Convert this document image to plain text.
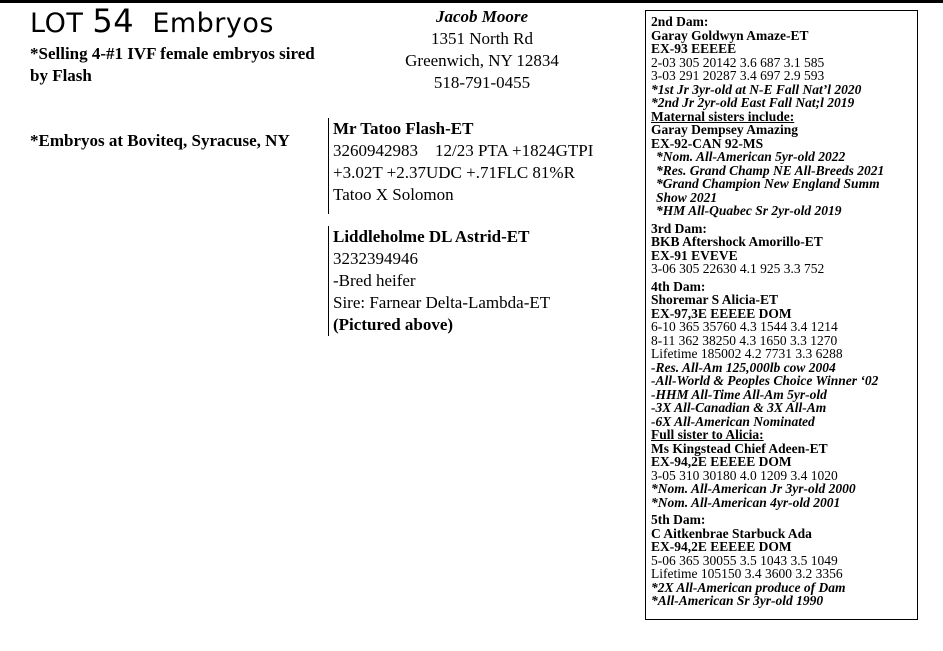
LOT 54 Embryos
*Selling 4-#1 IVF female embryos sired by Flash
*Embryos at Boviteq, Syracuse, NY
Jacob Moore
1351 North Rd
Greenwich, NY 12834
518-791-0455
Mr Tatoo Flash-ET
3260942983    12/23 PTA +1824GTPI
+3.02T +2.37UDC +.71FLC 81%R
Tatoo X Solomon
Liddleholme DL Astrid-ET
3232394946
-Bred heifer
Sire: Farnear Delta-Lambda-ET
(Pictured above)
2nd Dam:
Garay Goldwyn Amaze-ET
EX-93 EEEEE
2-03 305 20142 3.6 687 3.1 585
3-03 291 20287 3.4 697 2.9 593
*1st Jr 3yr-old at N-E Fall Nat’l 2020
*2nd Jr 2yr-old East Fall Nat;l 2019
Maternal sisters include:
Garay Dempsey Amazing
EX-92-CAN 92-MS
*Nom. All-American 5yr-old 2022
*Res. Grand Champ NE All-Breeds 2021
*Grand Champion New England Summ
Show 2021
*HM All-Quabec Sr 2yr-old 2019
3rd Dam:
BKB Aftershock Amorillo-ET
EX-91 EVEVE
3-06 305 22630 4.1 925 3.3 752
4th Dam:
Shoremar S Alicia-ET
EX-97,3E EEEEE DOM
6-10 365 35760 4.3 1544 3.4 1214
8-11 362 38250 4.3 1650 3.3 1270
Lifetime 185002 4.2 7731 3.3 6288
-Res. All-Am 125,000lb cow 2004
-All-World & Peoples Choice Winner ‘02
-HHM All-Time All-Am 5yr-old
-3X All-Canadian & 3X All-Am
-6X All-American Nominated
Full sister to Alicia:
Ms Kingstead Chief Adeen-ET
EX-94,2E EEEEE DOM
3-05 310 30180 4.0 1209 3.4 1020
*Nom. All-American Jr 3yr-old 2000
*Nom. All-American 4yr-old 2001
5th Dam:
C Aitkenbrae Starbuck Ada
EX-94,2E EEEEE DOM
5-06 365 30055 3.5 1043 3.5 1049
Lifetime 105150 3.4 3600 3.2 3356
*2X All-American produce of Dam
*All-American Sr 3yr-old 1990
